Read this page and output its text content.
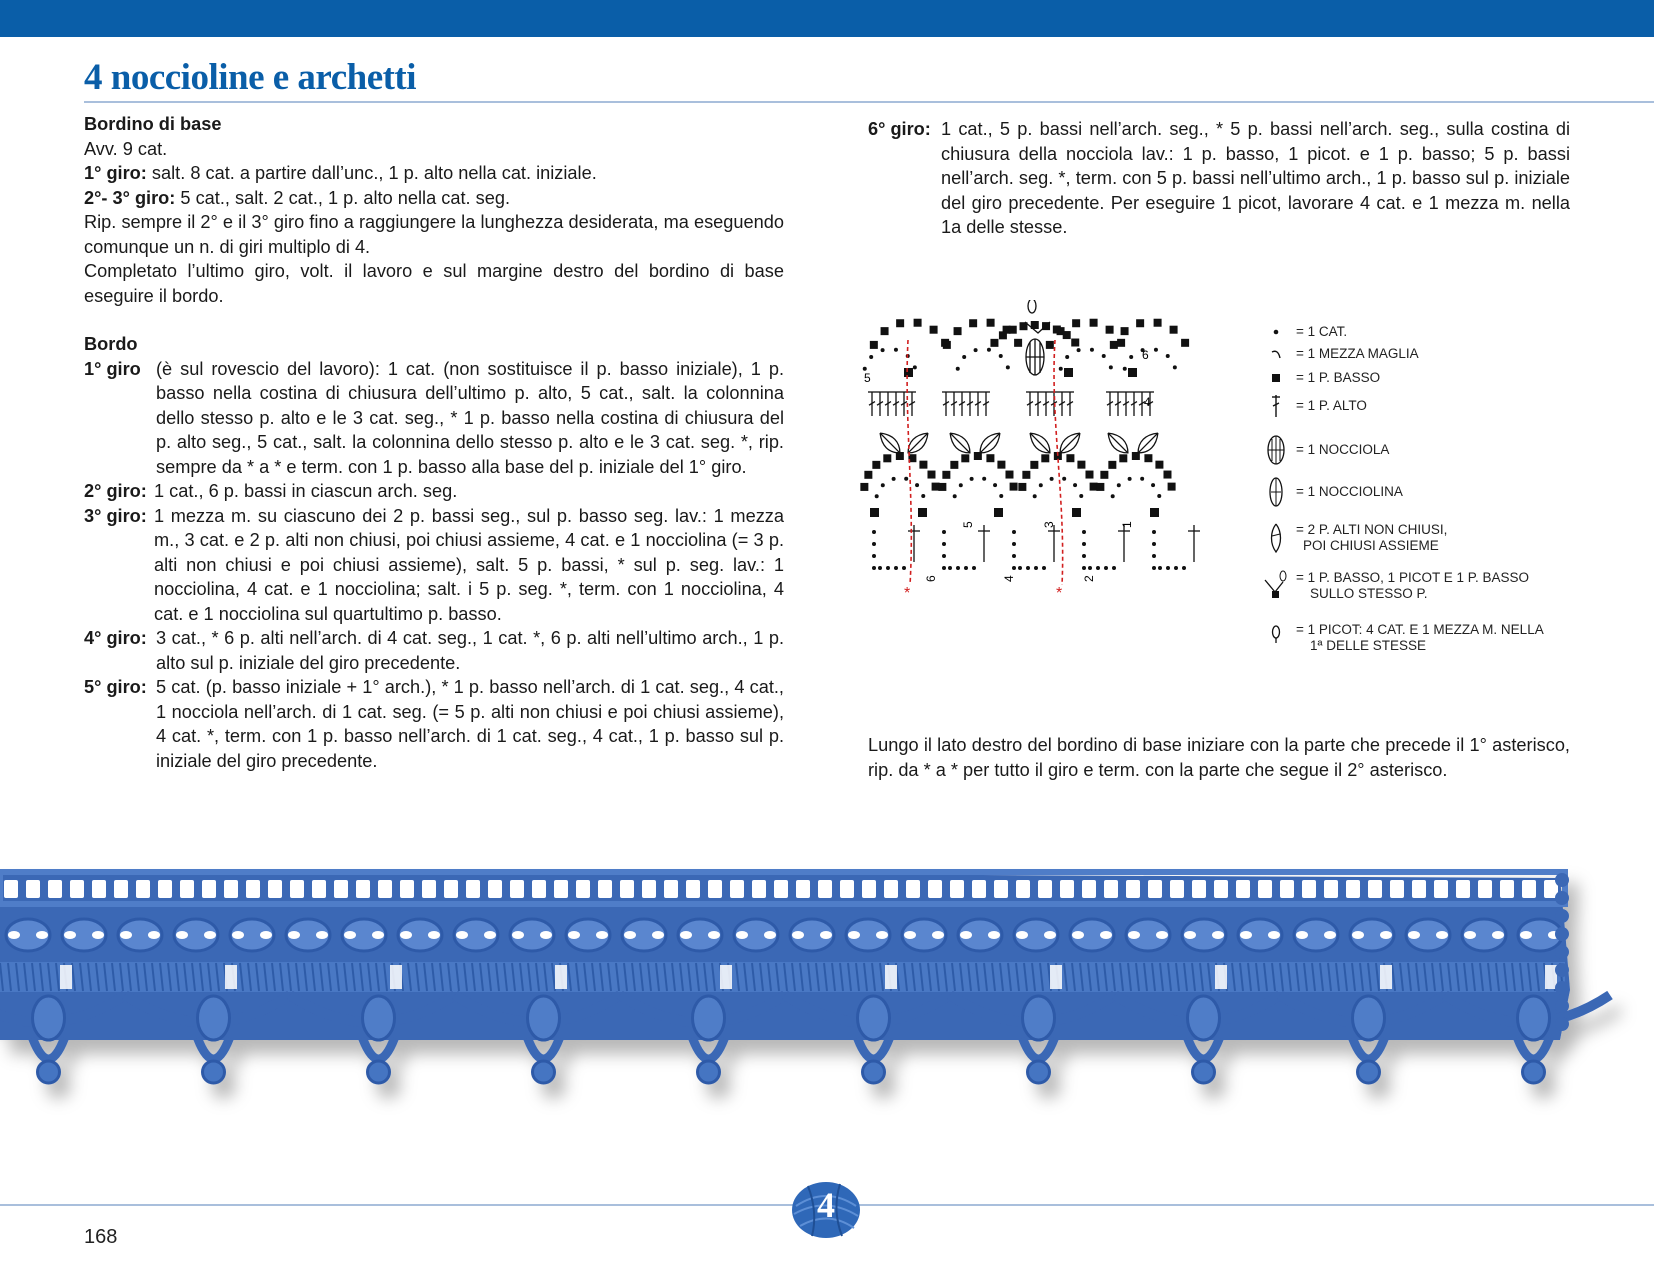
4 noccioline e archetti
Bordino di base
Avv. 9 cat.
1° giro: salt. 8 cat. a partire dall’unc., 1 p. alto nella cat. iniziale.
2°- 3° giro: 5 cat., salt. 2 cat., 1 p. alto nella cat. seg.
Rip. sempre il 2° e il 3° giro fino a raggiungere la lunghezza desiderata, ma eseguendo comunque un n. di giri multiplo di 4.
Completato l’ultimo giro, volt. il lavoro e sul margine destro del bordino di base eseguire il bordo.
Bordo
1° giro (è sul rovescio del lavoro): 1 cat. (non sostituisce il p. basso iniziale), 1 p. basso nella costina di chiusura dell’ultimo p. alto, 5 cat., salt. la colonnina dello stesso p. alto e le 3 cat. seg., * 1 p. basso nella costina di chiusura del p. alto seg., 5 cat., salt. la colonnina dello stesso p. alto e le 3 cat. seg. *, rip. sempre da * a * e term. con 1 p. basso alla base del p. iniziale del 1° giro.
2° giro: 1 cat., 6 p. bassi in ciascun arch. seg.
3° giro: 1 mezza m. su ciascuno dei 2 p. bassi seg., sul p. basso seg. lav.: 1 mezza m., 3 cat. e 2 p. alti non chiusi, poi chiusi assieme, 4 cat. e 1 nocciolina (= 3 p. alti non chiusi e poi chiusi assieme), salt. 5 p. bassi, * sul p. seg. lav.: 1 nocciolina, 4 cat. e 1 nocciolina; salt. i 5 p. seg. *, term. con 1 nocciolina, 4 cat. e 1 nocciolina sul quartultimo p. basso.
4° giro: 3 cat., * 6 p. alti nell’arch. di 4 cat. seg., 1 cat. *, 6 p. alti nell’ultimo arch., 1 p. alto sul p. iniziale del giro precedente.
5° giro: 5 cat. (p. basso iniziale + 1° arch.), * 1 p. basso nell’arch. di 1 cat. seg., 4 cat., 1 nocciola nell’arch. di 1 cat. seg. (= 5 p. alti non chiusi e poi chiusi assieme), 4 cat. *, term. con 1 p. basso nell’arch. di 1 cat. seg., 4 cat., 1 p. basso sul p. iniziale del giro precedente.
6° giro: 1 cat., 5 p. bassi nell’arch. seg., * 5 p. bassi nell’arch. seg., sulla costina di chiusura della nocciola lav.: 1 p. basso, 1 picot. e 1 p. basso; 5 p. bassi nell’arch. seg. *, term. con 5 p. bassi nell’ultimo arch., 1 p. basso sul p. iniziale del giro precedente. Per eseguire 1 picot, lavorare 4 cat. e 1 mezza m. nella 1a delle stesse.
*	*
6
5
4
6
5
4
3
2
1
= 1 CAT.
= 1 MEZZA MAGLIA
= 1 P. BASSO
= 1 P. ALTO
= 1 NOCCIOLA
= 1 NOCCIOLINA
= 2 P. ALTI NON CHIUSI,
POI CHIUSI ASSIEME
= 1 P. BASSO, 1 PICOT E 1 P. BASSO
SULLO STESSO P.
= 1 PICOT: 4 CAT. E 1 MEZZA M. NELLA
1ª DELLE STESSE
Lungo il lato destro del bordino di base iniziare con la parte che precede il 1° asterisco, rip. da * a * per tutto il giro e term. con la parte che segue il 2° asterisco.
168
4
